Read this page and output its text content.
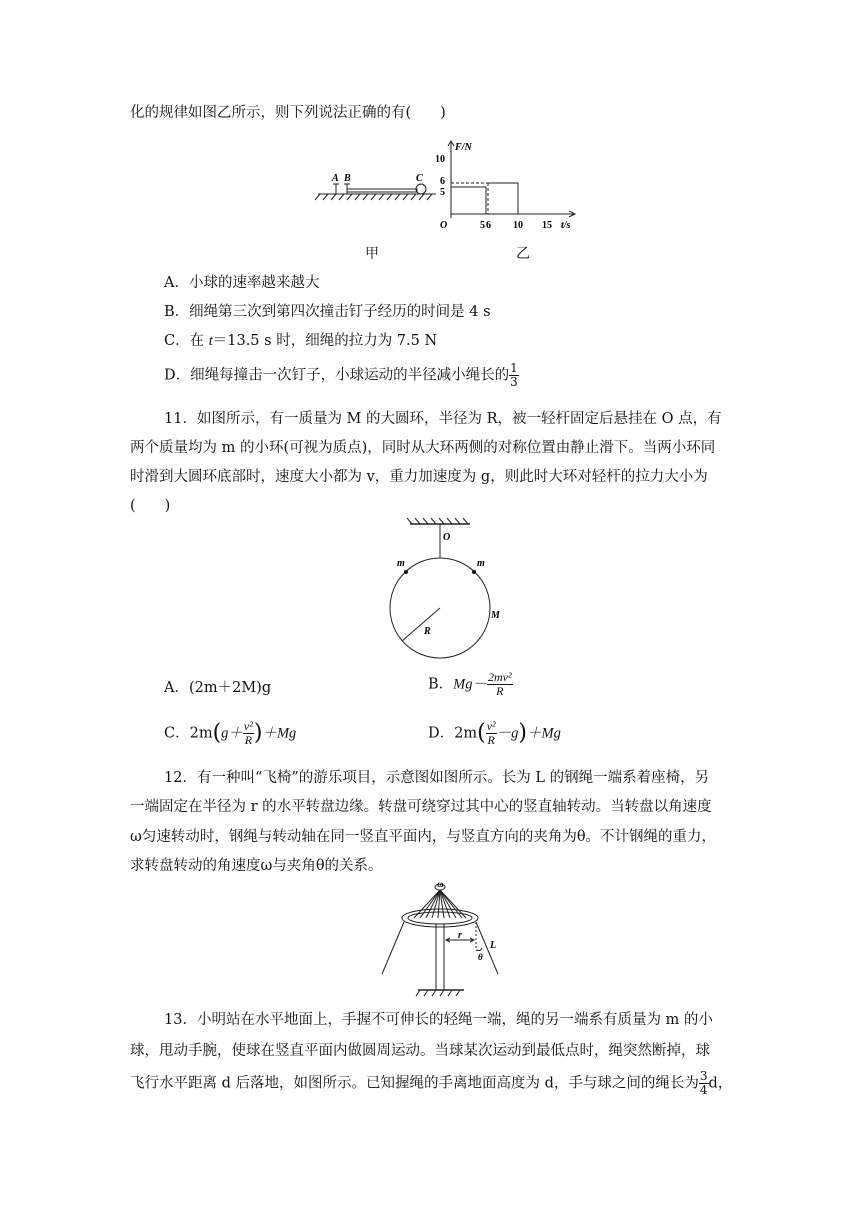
化的规律如图乙所示，则下列说法正确的有(　　)
A B	C
F/N
10
6
5
O	5 6 10 15 t/s
甲	乙
A．小球的速率越来越大
B．细绳第三次到第四次撞击钉子经历的时间是 4 s
C．在 t＝13.5 s 时，细绳的拉力为 7.5 N
D．细绳每撞击一次钉子，小球运动的半径减小绳长的 $\frac{1}{3}$
11．如图所示，有一质量为 M 的大圆环，半径为 R，被一轻杆固定后悬挂在 O 点，有
两个质量均为 m 的小环(可视为质点)，同时从大环两侧的对称位置由静止滑下。当两小环同
时滑到大圆环底部时，速度大小都为 v，重力加速度为 g，则此时大环对轻杆的拉力大小为
(　　)
O
m	m
M
R
A．(2m＋2M)g	B．$Mg- \frac{\text{2mv²}}{R}$
C．$2m(g+ \frac{\text{v²}}{R} )+Mg$	D．$2m( \frac{\text{v²}}{R} -g)+Mg$
12．有一种叫“飞椅”的游乐项目，示意图如图所示。长为 L 的钢绳一端系着座椅，另
一端固定在半径为 r 的水平转盘边缘。转盘可绕穿过其中心的竖直轴转动。当转盘以角速度
ω匀速转动时，钢绳与转动轴在同一竖直平面内，与竖直方向的夹角为θ。不计钢绳的重力，
求转盘转动的角速度ω与夹角θ的关系。
ω
r
θ
L
13．小明站在水平地面上，手握不可伸长的轻绳一端，绳的另一端系有质量为 m 的小
球，甩动手腕，使球在竖直平面内做圆周运动。当球某次运动到最低点时，绳突然断掉，球
飞行水平距离 d 后落地，如图所示。已知握绳的手离地面高度为 d，手与球之间的绳长为 $\frac{3}{4}$ d，
